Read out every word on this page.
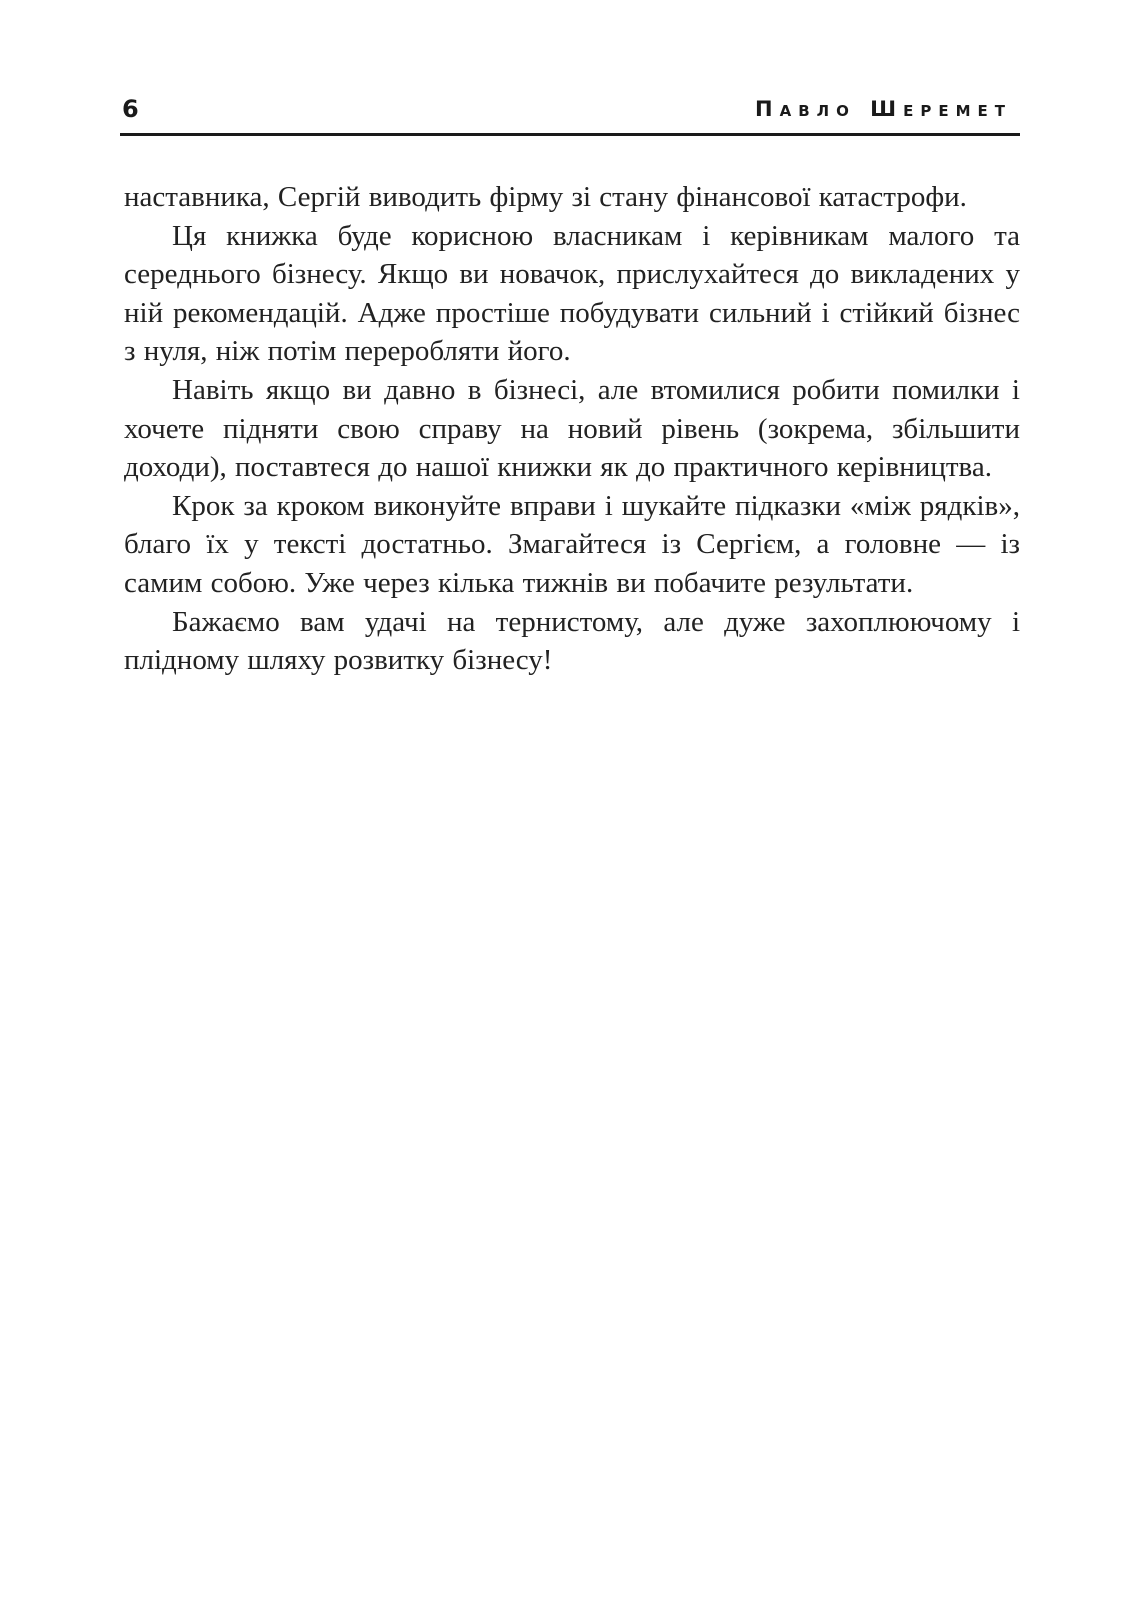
6	Павло Шеремет

наставника, Сергій виводить фірму зі стану фінансової катастрофи.

Ця книжка буде корисною власникам і керівникам малого та середнього бізнесу. Якщо ви новачок, прислухайтеся до викладених у ній рекомендацій. Адже простіше побудувати сильний і стійкий бізнес з нуля, ніж потім переробляти його.

Навіть якщо ви давно в бізнесі, але втомилися робити помилки і хочете підняти свою справу на новий рівень (зокрема, збільшити доходи), поставтеся до нашої книжки як до практичного керівництва.

Крок за кроком виконуйте вправи і шукайте підказки «між рядків», благо їх у тексті достатньо. Змагайтеся із Сергієм, а головне — із самим собою. Уже через кілька тижнів ви побачите результати.

Бажаємо вам удачі на тернистому, але дуже захоплюючому і плідному шляху розвитку бізнесу!
